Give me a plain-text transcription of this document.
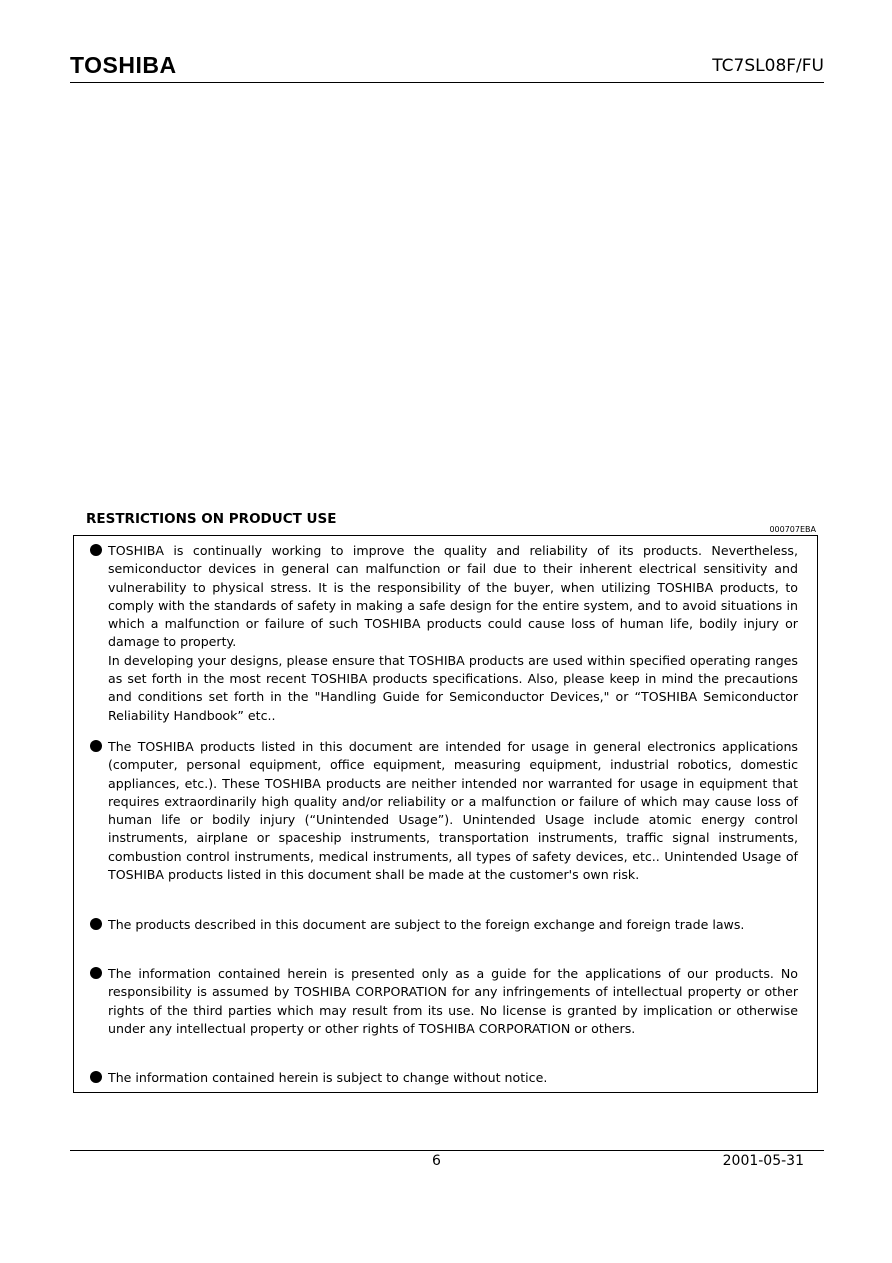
TOSHIBA	TC7SL08F/FU
RESTRICTIONS ON PRODUCT USE
000707EBA

TOSHIBA is continually working to improve the quality and reliability of its products. Nevertheless, semiconductor devices in general can malfunction or fail due to their inherent electrical sensitivity and vulnerability to physical stress. It is the responsibility of the buyer, when utilizing TOSHIBA products, to comply with the standards of safety in making a safe design for the entire system, and to avoid situations in which a malfunction or failure of such TOSHIBA products could cause loss of human life, bodily injury or damage to property.

In developing your designs, please ensure that TOSHIBA products are used within specified operating ranges as set forth in the most recent TOSHIBA products specifications. Also, please keep in mind the precautions and conditions set forth in the "Handling Guide for Semiconductor Devices," or “TOSHIBA Semiconductor Reliability Handbook” etc..

The TOSHIBA products listed in this document are intended for usage in general electronics applications (computer, personal equipment, office equipment, measuring equipment, industrial robotics, domestic appliances, etc.). These TOSHIBA products are neither intended nor warranted for usage in equipment that requires extraordinarily high quality and/or reliability or a malfunction or failure of which may cause loss of human life or bodily injury (“Unintended Usage”). Unintended Usage include atomic energy control instruments, airplane or spaceship instruments, transportation instruments, traffic signal instruments, combustion control instruments, medical instruments, all types of safety devices, etc.. Unintended Usage of TOSHIBA products listed in this document shall be made at the customer's own risk.

The products described in this document are subject to the foreign exchange and foreign trade laws.

The information contained herein is presented only as a guide for the applications of our products. No responsibility is assumed by TOSHIBA CORPORATION for any infringements of intellectual property or other rights of the third parties which may result from its use. No license is granted by implication or otherwise under any intellectual property or other rights of TOSHIBA CORPORATION or others.

The information contained herein is subject to change without notice.

6	2001-05-31
